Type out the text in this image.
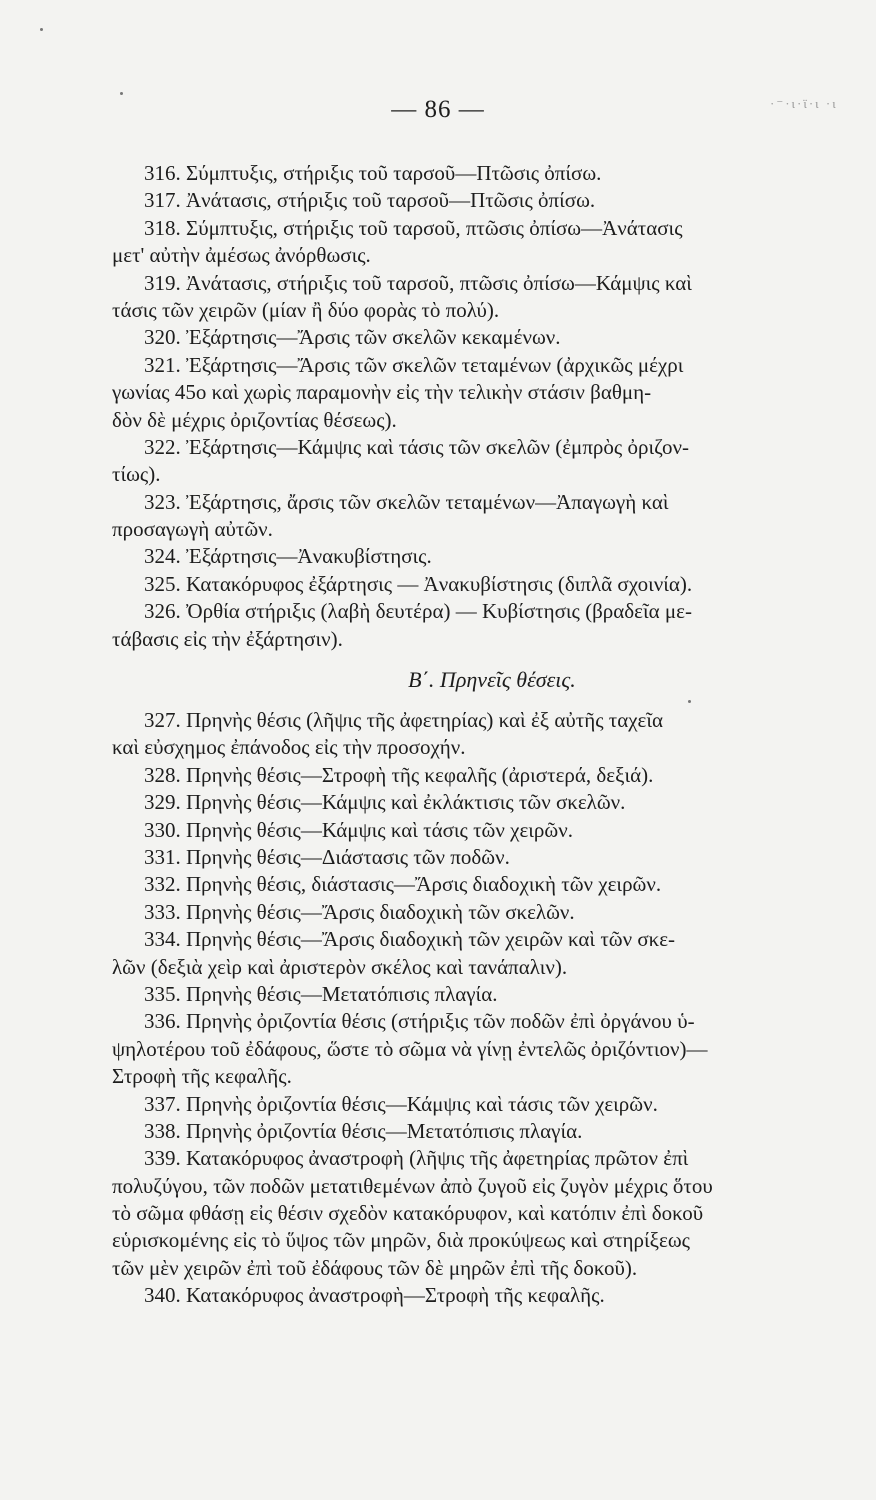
·⁻·ι·ϊ·ι ·ι
— 86 —
316. Σύμπτυξις, στήριξις τοῦ ταρσοῦ—Πτῶσις ὀπίσω.
317. Ἀνάτασις, στήριξις τοῦ ταρσοῦ—Πτῶσις ὀπίσω.
318. Σύμπτυξις, στήριξις τοῦ ταρσοῦ, πτῶσις ὀπίσω—Ἀνάτασις
μετ' αὐτὴν ἀμέσως ἀνόρθωσις.
319. Ἀνάτασις, στήριξις τοῦ ταρσοῦ, πτῶσις ὀπίσω—Κάμψις καὶ
τάσις τῶν χειρῶν (μίαν ἢ δύο φορὰς τὸ πολύ).
320. Ἐξάρτησις—Ἄρσις τῶν σκελῶν κεκαμένων.
321. Ἐξάρτησις—Ἄρσις τῶν σκελῶν τεταμένων (ἀρχικῶς μέχρι
γωνίας 45ο καὶ χωρὶς παραμονὴν εἰς τὴν τελικὴν στάσιν βαθμη-
δὸν δὲ μέχρις ὀριζοντίας θέσεως).
322. Ἐξάρτησις—Κάμψις καὶ τάσις τῶν σκελῶν (ἐμπρὸς ὀριζον-
τίως).
323. Ἐξάρτησις, ἄρσις τῶν σκελῶν τεταμένων—Ἀπαγωγὴ καὶ
προσαγωγὴ αὐτῶν.
324. Ἐξάρτησις—Ἀνακυβίστησις.
325. Κατακόρυφος ἐξάρτησις — Ἀνακυβίστησις (διπλᾶ σχοινία).
326. Ὀρθία στήριξις (λαβὴ δευτέρα) — Κυβίστησις (βραδεῖα με-
τάβασις εἰς τὴν ἐξάρτησιν).
Β΄. Πρηνεῖς θέσεις.
327. Πρηνὴς θέσις (λῆψις τῆς ἀφετηρίας) καὶ ἐξ αὐτῆς ταχεῖα
καὶ εὐσχημος ἐπάνοδος εἰς τὴν προσοχήν.
328. Πρηνὴς θέσις—Στροφὴ τῆς κεφαλῆς (ἀριστερά, δεξιά).
329. Πρηνὴς θέσις—Κάμψις καὶ ἐκλάκτισις τῶν σκελῶν.
330. Πρηνὴς θέσις—Κάμψις καὶ τάσις τῶν χειρῶν.
331. Πρηνὴς θέσις—Διάστασις τῶν ποδῶν.
332. Πρηνὴς θέσις, διάστασις—Ἄρσις διαδοχικὴ τῶν χειρῶν.
333. Πρηνὴς θέσις—Ἄρσις διαδοχικὴ τῶν σκελῶν.
334. Πρηνὴς θέσις—Ἄρσις διαδοχικὴ τῶν χειρῶν καὶ τῶν σκε-
λῶν (δεξιὰ χεὶρ καὶ ἀριστερὸν σκέλος καὶ τανάπαλιν).
335. Πρηνὴς θέσις—Μετατόπισις πλαγία.
336. Πρηνὴς ὀριζοντία θέσις (στήριξις τῶν ποδῶν ἐπὶ ὀργάνου ὑ-
ψηλοτέρου τοῦ ἐδάφους, ὥστε τὸ σῶμα νὰ γίνῃ ἐντελῶς ὀριζόντιον)—
Στροφὴ τῆς κεφαλῆς.
337. Πρηνὴς ὀριζοντία θέσις—Κάμψις καὶ τάσις τῶν χειρῶν.
338. Πρηνὴς ὀριζοντία θέσις—Μετατόπισις πλαγία.
339. Κατακόρυφος ἀναστροφὴ (λῆψις τῆς ἀφετηρίας πρῶτον ἐπὶ
πολυζύγου, τῶν ποδῶν μετατιθεμένων ἀπὸ ζυγοῦ εἰς ζυγὸν μέχρις ὅτου
τὸ σῶμα φθάσῃ εἰς θέσιν σχεδὸν κατακόρυφον, καὶ κατόπιν ἐπὶ δοκοῦ
εὑρισκομένης εἰς τὸ ὕψος τῶν μηρῶν, διὰ προκύψεως καὶ στηρίξεως
τῶν μὲν χειρῶν ἐπὶ τοῦ ἐδάφους τῶν δὲ μηρῶν ἐπὶ τῆς δοκοῦ).
340. Κατακόρυφος ἀναστροφὴ—Στροφὴ τῆς κεφαλῆς.
